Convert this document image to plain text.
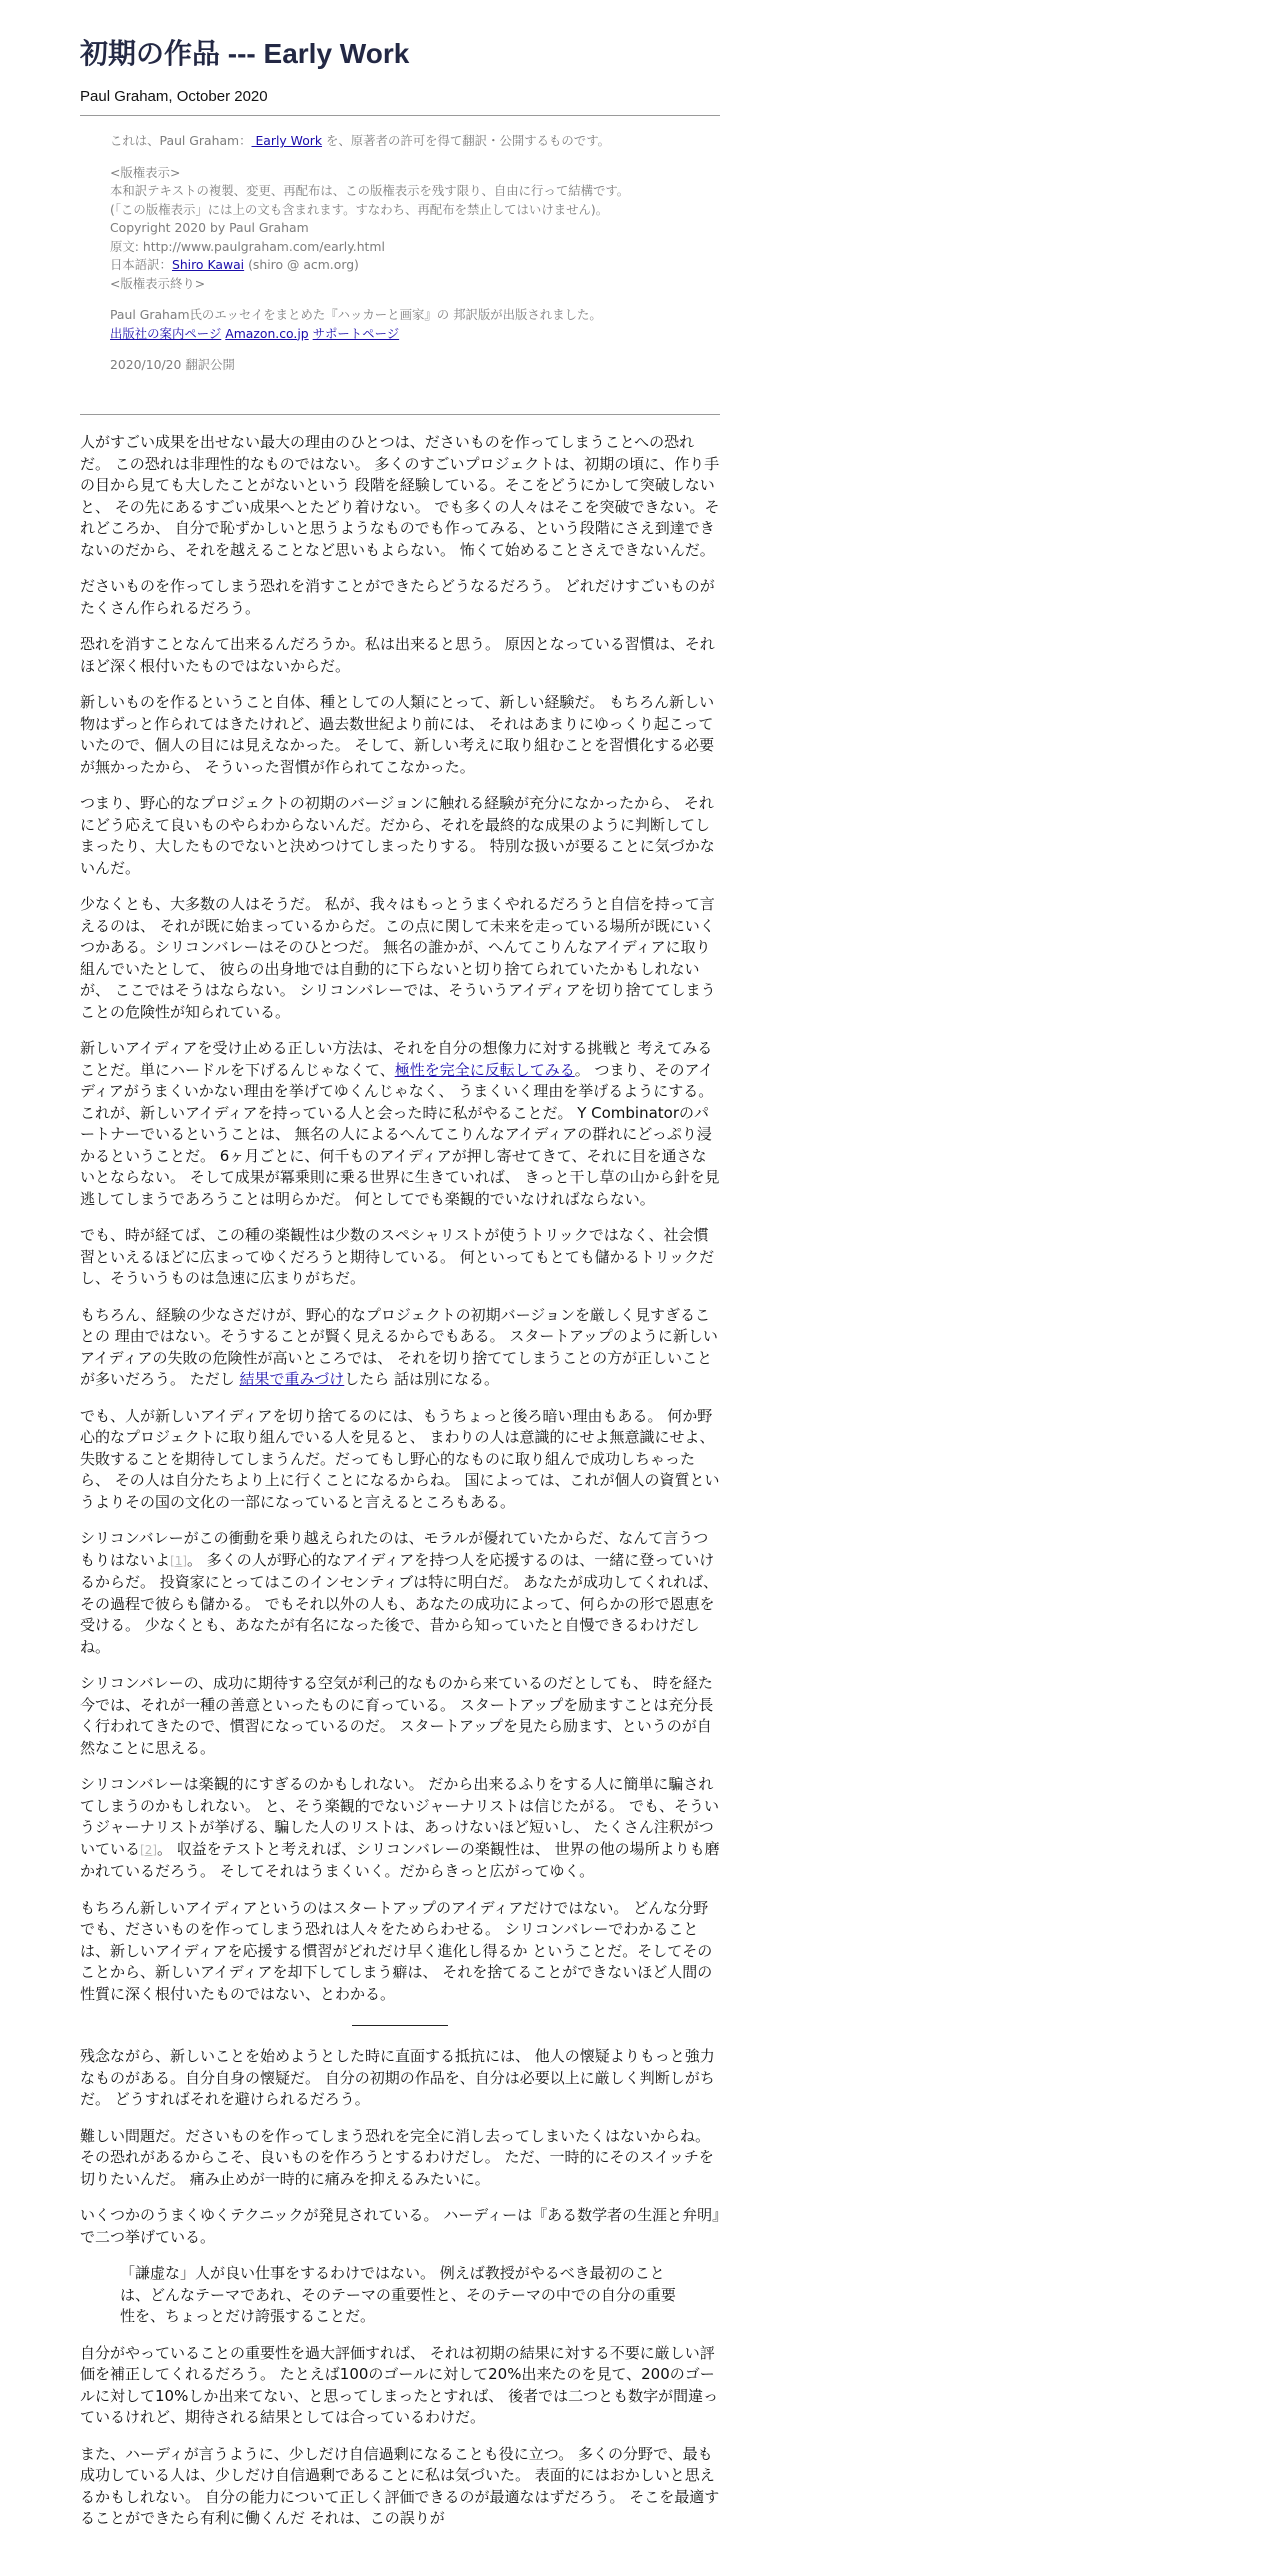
初期の作品 --- Early Work
Paul Graham, October 2020

これは、Paul Graham： Early Work を、原著者の許可を得て翻訳・公開するものです。

<版権表示>
本和訳テキストの複製、変更、再配布は、この版権表示を残す限り、自由に行って結構です。
(「この版権表示」には上の文も含まれます。すなわち、再配布を禁止してはいけません)。
Copyright 2020 by Paul Graham
原文: http://www.paulgraham.com/early.html
日本語訳：Shiro Kawai (shiro @ acm.org)
<版権表示終り>

Paul Graham氏のエッセイをまとめた『ハッカーと画家』の 邦訳版が出版されました。
出版社の案内ページ Amazon.co.jp サポートページ

2020/10/20 翻訳公開

人がすごい成果を出せない最大の理由のひとつは、ださいものを作ってしまうことへの恐れだ。 この恐れは非理性的なものではない。 多くのすごいプロジェクトは、初期の頃に、作り手の目から見ても大したことがないという 段階を経験している。そこをどうにかして突破しないと、 その先にあるすごい成果へとたどり着けない。 でも多くの人々はそこを突破できない。それどころか、 自分で恥ずかしいと思うようなものでも作ってみる、という段階にさえ到達できないのだから、それを越えることなど思いもよらない。 怖くて始めることさえできないんだ。

ださいものを作ってしまう恐れを消すことができたらどうなるだろう。 どれだけすごいものがたくさん作られるだろう。

恐れを消すことなんて出来るんだろうか。私は出来ると思う。 原因となっている習慣は、それほど深く根付いたものではないからだ。

新しいものを作るということ自体、種としての人類にとって、新しい経験だ。 もちろん新しい物はずっと作られてはきたけれど、過去数世紀より前には、 それはあまりにゆっくり起こっていたので、個人の目には見えなかった。 そして、新しい考えに取り組むことを習慣化する必要が無かったから、 そういった習慣が作られてこなかった。

つまり、野心的なプロジェクトの初期のバージョンに触れる経験が充分になかったから、 それにどう応えて良いものやらわからないんだ。だから、それを最終的な成果のように判断してしまったり、大したものでないと決めつけてしまったりする。 特別な扱いが要ることに気づかないんだ。

少なくとも、大多数の人はそうだ。 私が、我々はもっとうまくやれるだろうと自信を持って言えるのは、 それが既に始まっているからだ。この点に関して未来を走っている場所が既にいくつかある。シリコンバレーはそのひとつだ。 無名の誰かが、へんてこりんなアイディアに取り組んでいたとして、 彼らの出身地では自動的に下らないと切り捨てられていたかもしれないが、 ここではそうはならない。 シリコンバレーでは、そういうアイディアを切り捨ててしまうことの危険性が知られている。

新しいアイディアを受け止める正しい方法は、それを自分の想像力に対する挑戦と 考えてみることだ。単にハードルを下げるんじゃなくて、極性を完全に反転してみる。 つまり、そのアイディアがうまくいかない理由を挙げてゆくんじゃなく、 うまくいく理由を挙げるようにする。 これが、新しいアイディアを持っている人と会った時に私がやることだ。 Y Combinatorのパートナーでいるということは、 無名の人によるへんてこりんなアイディアの群れにどっぷり浸かるということだ。 6ヶ月ごとに、何千ものアイディアが押し寄せてきて、それに目を通さないとならない。 そして成果が冪乗則に乗る世界に生きていれば、 きっと干し草の山から針を見逃してしまうであろうことは明らかだ。 何としてでも楽観的でいなければならない。

でも、時が経てば、この種の楽観性は少数のスペシャリストが使うトリックではなく、社会慣習といえるほどに広まってゆくだろうと期待している。 何といってもとても儲かるトリックだし、そういうものは急速に広まりがちだ。

もちろん、経験の少なさだけが、野心的なプロジェクトの初期バージョンを厳しく見すぎることの 理由ではない。そうすることが賢く見えるからでもある。 スタートアップのように新しいアイディアの失敗の危険性が高いところでは、 それを切り捨ててしまうことの方が正しいことが多いだろう。 ただし 結果で重みづけしたら 話は別になる。

でも、人が新しいアイディアを切り捨てるのには、もうちょっと後ろ暗い理由もある。 何か野心的なプロジェクトに取り組んでいる人を見ると、 まわりの人は意識的にせよ無意識にせよ、 失敗することを期待してしまうんだ。だってもし野心的なものに取り組んで成功しちゃったら、 その人は自分たちより上に行くことになるからね。 国によっては、これが個人の資質というよりその国の文化の一部になっていると言えるところもある。

シリコンバレーがこの衝動を乗り越えられたのは、モラルが優れていたからだ、なんて言うつもりはないよ[1]。 多くの人が野心的なアイディアを持つ人を応援するのは、一緒に登っていけるからだ。 投資家にとってはこのインセンティブは特に明白だ。 あなたが成功してくれれば、その過程で彼らも儲かる。 でもそれ以外の人も、あなたの成功によって、何らかの形で恩恵を受ける。 少なくとも、あなたが有名になった後で、昔から知っていたと自慢できるわけだしね。

シリコンバレーの、成功に期待する空気が利己的なものから来ているのだとしても、 時を経た今では、それが一種の善意といったものに育っている。 スタートアップを励ますことは充分長く行われてきたので、慣習になっているのだ。 スタートアップを見たら励ます、というのが自然なことに思える。

シリコンバレーは楽観的にすぎるのかもしれない。 だから出来るふりをする人に簡単に騙されてしまうのかもしれない。 と、そう楽観的でないジャーナリストは信じたがる。 でも、そういうジャーナリストが挙げる、騙した人のリストは、あっけないほど短いし、 たくさん注釈がついている[2]。 収益をテストと考えれば、シリコンバレーの楽観性は、 世界の他の場所よりも磨かれているだろう。 そしてそれはうまくいく。だからきっと広がってゆく。

もちろん新しいアイディアというのはスタートアップのアイディアだけではない。 どんな分野でも、ださいものを作ってしまう恐れは人々をためらわせる。 シリコンバレーでわかることは、新しいアイディアを応援する慣習がどれだけ早く進化し得るか ということだ。そしてそのことから、新しいアイディアを却下してしまう癖は、 それを捨てることができないほど人間の性質に深く根付いたものではない、とわかる。

残念ながら、新しいことを始めようとした時に直面する抵抗には、 他人の懐疑よりもっと強力なものがある。自分自身の懐疑だ。 自分の初期の作品を、自分は必要以上に厳しく判断しがちだ。 どうすればそれを避けられるだろう。

難しい問題だ。ださいものを作ってしまう恐れを完全に消し去ってしまいたくはないからね。 その恐れがあるからこそ、良いものを作ろうとするわけだし。 ただ、一時的にそのスイッチを切りたいんだ。 痛み止めが一時的に痛みを抑えるみたいに。

いくつかのうまくゆくテクニックが発見されている。 ハーディーは『ある数学者の生涯と弁明』で二つ挙げている。

「謙虚な」人が良い仕事をするわけではない。 例えば教授がやるべき最初のことは、どんなテーマであれ、そのテーマの重要性と、そのテーマの中での自分の重要性を、ちょっとだけ誇張することだ。

自分がやっていることの重要性を過大評価すれば、 それは初期の結果に対する不要に厳しい評価を補正してくれるだろう。 たとえば100のゴールに対して20%出来たのを見て、200のゴールに対して10%しか出来てない、と思ってしまったとすれば、 後者では二つとも数字が間違っているけれど、期待される結果としては合っているわけだ。

また、ハーディが言うように、少しだけ自信過剰になることも役に立つ。 多くの分野で、最も成功している人は、少しだけ自信過剰であることに私は気づいた。 表面的にはおかしいと思えるかもしれない。 自分の能力について正しく評価できるのが最適なはずだろう。 そこを最適することができたら有利に働くんだ それは、この誤りが
